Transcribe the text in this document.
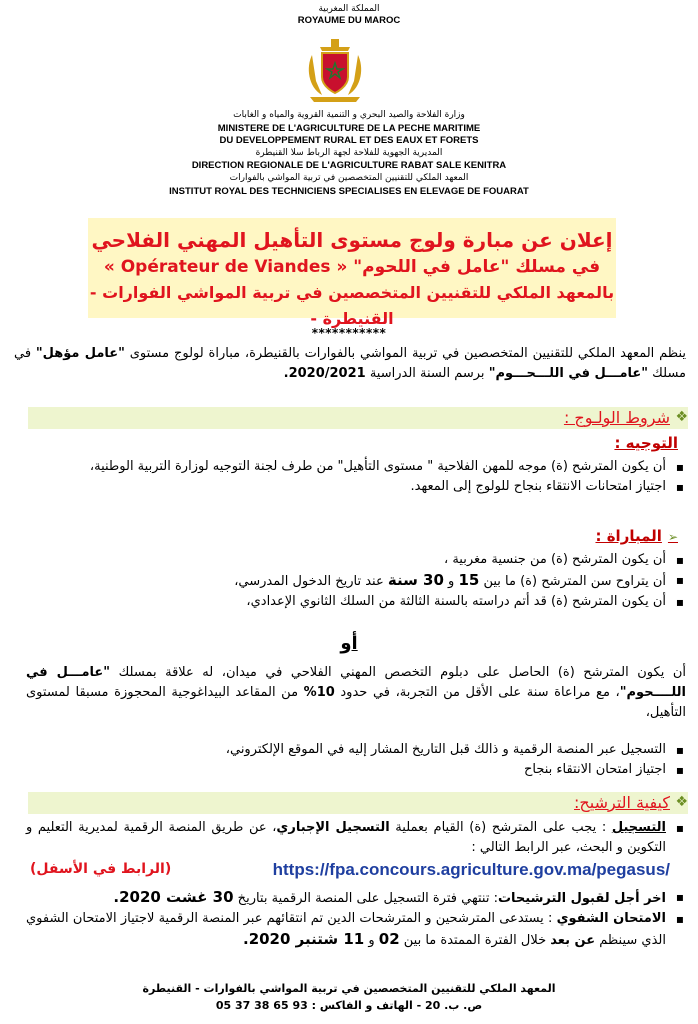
المملكة المغربية
ROYAUME DU MAROC
وزارة الفلاحة والصيد البحري و التنمية القروية والمياه و الغابات
MINISTERE DE L'AGRICULTURE DE LA PECHE MARITIME
DU DEVELOPPEMENT RURAL ET DES EAUX ET FORETS
المديرية الجهوية للفلاحة لجهة الرباط سلا القنيطرة
DIRECTION REGIONALE DE L'AGRICULTURE RABAT SALE KENITRA
المعهد الملكي للتقنيين المتخصصين في تربية المواشي بالفوارات
INSTITUT ROYAL DES TECHNICIENS SPECIALISES EN ELEVAGE DE FOUARAT
إعلان عن مبارة ولوج مستوى التأهيل المهني الفلاحي
في مسلك "عامل في اللحوم" « Opérateur de Viandes »
بالمعهد الملكي للتقنيين المتخصصين في تربية المواشي الفوارات - القنيطرة -
***********
ينظم المعهد الملكي للتقنيين المتخصصين في تربية المواشي بالفوارات بالقنيطرة، مباراة لولوج مستوى "عامل مؤهل" في مسلك "عامـــل في اللـــحـــوم" برسم السنة الدراسية 2020/2021.
❖
شروط الولـوج :
التوجيه :
▪ أن يكون المترشح (ة) موجه للمهن الفلاحية " مستوى التأهيل" من طرف لجنة التوجيه لوزارة التربية الوطنية،
▪ اجتياز امتحانات الانتقاء بنجاح للولوج إلى المعهد.
➢المباراة :
▪ أن يكون المترشح (ة) من جنسية مغربية ،
▪ أن يتراوح سن المترشح (ة) ما بين 15 و 30 سنة عند تاريخ الدخول المدرسي،
▪ أن يكون المترشح (ة) قد أتم دراسته بالسنة الثالثة من السلك الثانوي الإعدادي،
أو
أن يكون المترشح (ة) الحاصل على دبلوم التخصص المهني الفلاحي في ميدان، له علاقة بمسلك "عامـــل في اللــــحوم"، مع مراعاة سنة على الأقل من التجربة، في حدود 10% من المقاعد البيداغوجية المحجوزة مسبقا لمستوى التأهيل،
▪ التسجيل عبر المنصة الرقمية و ذالك قبل التاريخ المشار إليه في الموقع الإلكتروني،
▪ اجتياز امتحان الانتقاء بنجاح
❖
كيفية الترشيح:
▪ التسجيل : يجب على المترشح (ة) القيام بعملية التسجيل الإجباري، عن طريق المنصة الرقمية لمديرية التعليم و التكوين و البحث، عبر الرابط التالي :
https://fpa.concours.agriculture.gov.ma/pegasus/
(الرابط في الأسفل)
▪ اخر أجل لقبول الترشيحات: تنتهي فترة التسجيل على المنصة الرقمية بتاريخ 30 غشت 2020.
▪ الامتحان الشفوي : يستدعى المترشحين و المترشحات الدين تم انتقائهم عبر المنصة الرقمية لاجتياز الامتحان الشفوي الذي سينظم عن بعد خلال الفترة الممتدة ما بين 02 و 11 شتنبر 2020.
المعهد الملكي للتقنيين المتخصصين في تربية المواشي بالفوارات - القنيطرة
ص. ب. 20 - الهاتف و الفاكس : 93 65 38 37 05
